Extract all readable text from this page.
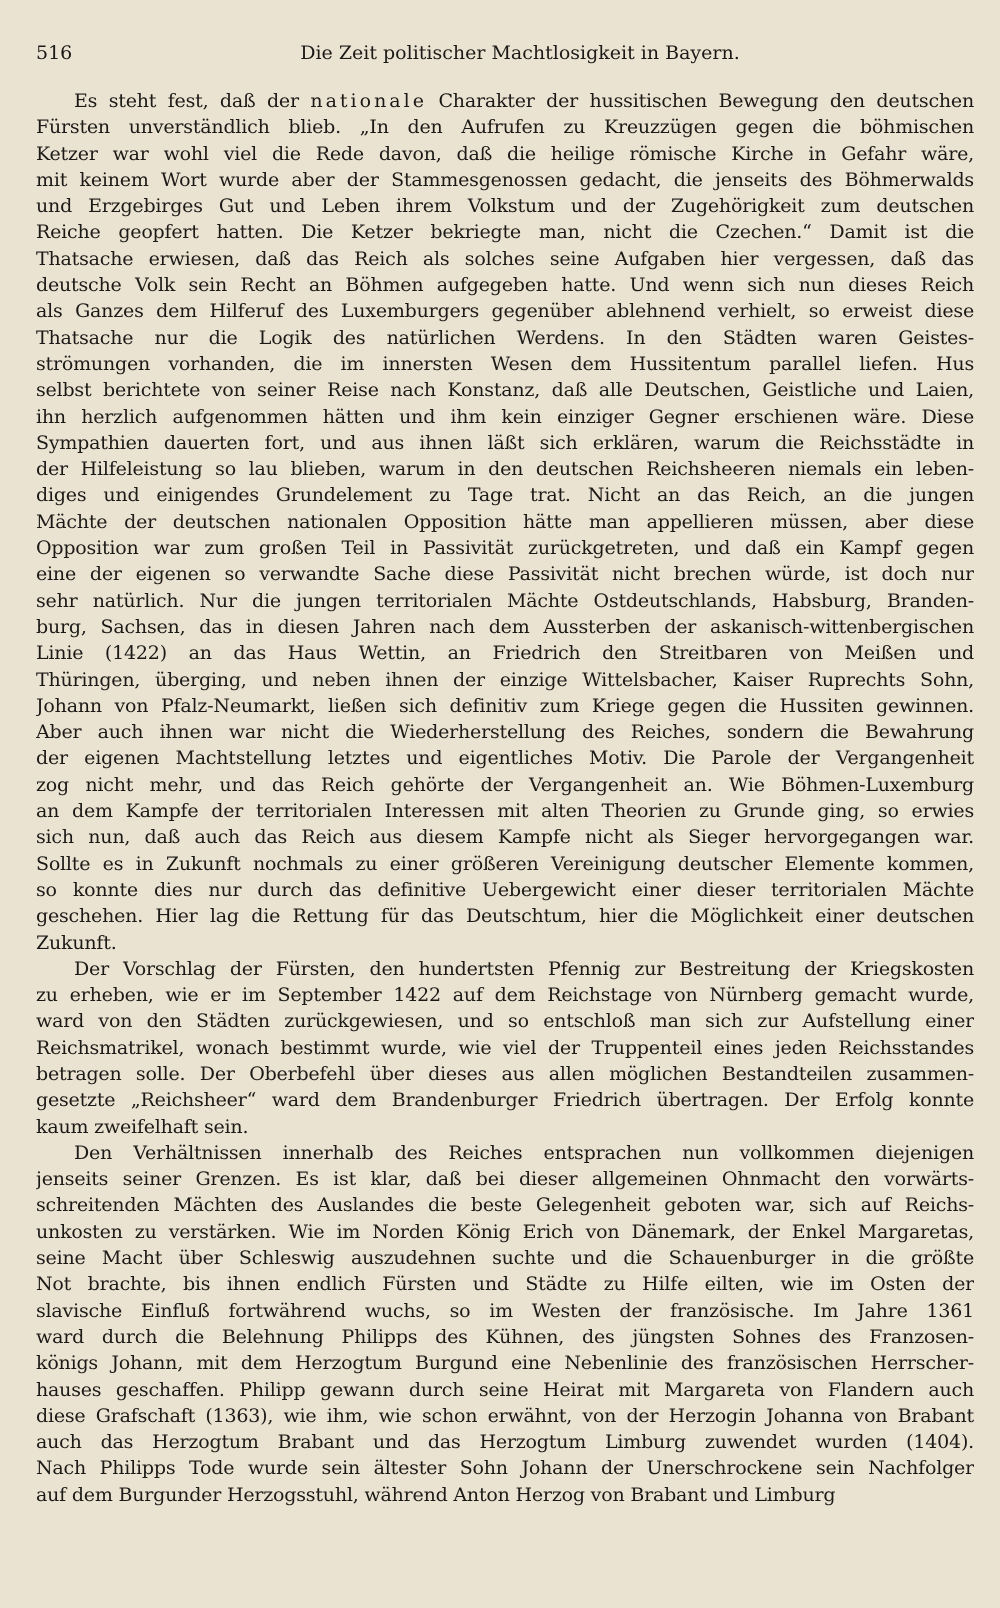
516	Die Zeit politischer Machtlosigkeit in Bayern.
Es steht fest, daß der nationale Charakter der hussitischen Bewegung den deutschen
Fürsten unverständlich blieb. „In den Aufrufen zu Kreuzzügen gegen die böhmischen
Ketzer war wohl viel die Rede davon, daß die heilige römische Kirche in Gefahr wäre,
mit keinem Wort wurde aber der Stammesgenossen gedacht, die jenseits des Böhmerwalds
und Erzgebirges Gut und Leben ihrem Volkstum und der Zugehörigkeit zum deutschen
Reiche geopfert hatten. Die Ketzer bekriegte man, nicht die Czechen.“ Damit ist die
Thatsache erwiesen, daß das Reich als solches seine Aufgaben hier vergessen, daß das
deutsche Volk sein Recht an Böhmen aufgegeben hatte. Und wenn sich nun dieses Reich
als Ganzes dem Hilferuf des Luxemburgers gegenüber ablehnend verhielt, so erweist diese
Thatsache nur die Logik des natürlichen Werdens. In den Städten waren Geistes-
strömungen vorhanden, die im innersten Wesen dem Hussitentum parallel liefen. Hus
selbst berichtete von seiner Reise nach Konstanz, daß alle Deutschen, Geistliche und Laien,
ihn herzlich aufgenommen hätten und ihm kein einziger Gegner erschienen wäre. Diese
Sympathien dauerten fort, und aus ihnen läßt sich erklären, warum die Reichsstädte in
der Hilfeleistung so lau blieben, warum in den deutschen Reichsheeren niemals ein leben-
diges und einigendes Grundelement zu Tage trat. Nicht an das Reich, an die jungen
Mächte der deutschen nationalen Opposition hätte man appellieren müssen, aber diese
Opposition war zum großen Teil in Passivität zurückgetreten, und daß ein Kampf gegen
eine der eigenen so verwandte Sache diese Passivität nicht brechen würde, ist doch nur
sehr natürlich. Nur die jungen territorialen Mächte Ostdeutschlands, Habsburg, Branden-
burg, Sachsen, das in diesen Jahren nach dem Aussterben der askanisch-wittenbergischen
Linie (1422) an das Haus Wettin, an Friedrich den Streitbaren von Meißen und
Thüringen, überging, und neben ihnen der einzige Wittelsbacher, Kaiser Ruprechts Sohn,
Johann von Pfalz-Neumarkt, ließen sich definitiv zum Kriege gegen die Hussiten gewinnen.
Aber auch ihnen war nicht die Wiederherstellung des Reiches, sondern die Bewahrung
der eigenen Machtstellung letztes und eigentliches Motiv. Die Parole der Vergangenheit
zog nicht mehr, und das Reich gehörte der Vergangenheit an. Wie Böhmen-Luxemburg
an dem Kampfe der territorialen Interessen mit alten Theorien zu Grunde ging, so erwies
sich nun, daß auch das Reich aus diesem Kampfe nicht als Sieger hervorgegangen war.
Sollte es in Zukunft nochmals zu einer größeren Vereinigung deutscher Elemente kommen,
so konnte dies nur durch das definitive Uebergewicht einer dieser territorialen Mächte
geschehen. Hier lag die Rettung für das Deutschtum, hier die Möglichkeit einer deutschen
Zukunft.
Der Vorschlag der Fürsten, den hundertsten Pfennig zur Bestreitung der Kriegskosten
zu erheben, wie er im September 1422 auf dem Reichstage von Nürnberg gemacht wurde,
ward von den Städten zurückgewiesen, und so entschloß man sich zur Aufstellung einer
Reichsmatrikel, wonach bestimmt wurde, wie viel der Truppenteil eines jeden Reichsstandes
betragen solle. Der Oberbefehl über dieses aus allen möglichen Bestandteilen zusammen-
gesetzte „Reichsheer“ ward dem Brandenburger Friedrich übertragen. Der Erfolg konnte
kaum zweifelhaft sein.
Den Verhältnissen innerhalb des Reiches entsprachen nun vollkommen diejenigen
jenseits seiner Grenzen. Es ist klar, daß bei dieser allgemeinen Ohnmacht den vorwärts-
schreitenden Mächten des Auslandes die beste Gelegenheit geboten war, sich auf Reichs-
unkosten zu verstärken. Wie im Norden König Erich von Dänemark, der Enkel Margaretas,
seine Macht über Schleswig auszudehnen suchte und die Schauenburger in die größte
Not brachte, bis ihnen endlich Fürsten und Städte zu Hilfe eilten, wie im Osten der
slavische Einfluß fortwährend wuchs, so im Westen der französische. Im Jahre 1361
ward durch die Belehnung Philipps des Kühnen, des jüngsten Sohnes des Franzosen-
königs Johann, mit dem Herzogtum Burgund eine Nebenlinie des französischen Herrscher-
hauses geschaffen. Philipp gewann durch seine Heirat mit Margareta von Flandern auch
diese Grafschaft (1363), wie ihm, wie schon erwähnt, von der Herzogin Johanna von Brabant
auch das Herzogtum Brabant und das Herzogtum Limburg zuwendet wurden (1404).
Nach Philipps Tode wurde sein ältester Sohn Johann der Unerschrockene sein Nachfolger
auf dem Burgunder Herzogsstuhl, während Anton Herzog von Brabant und Limburg
